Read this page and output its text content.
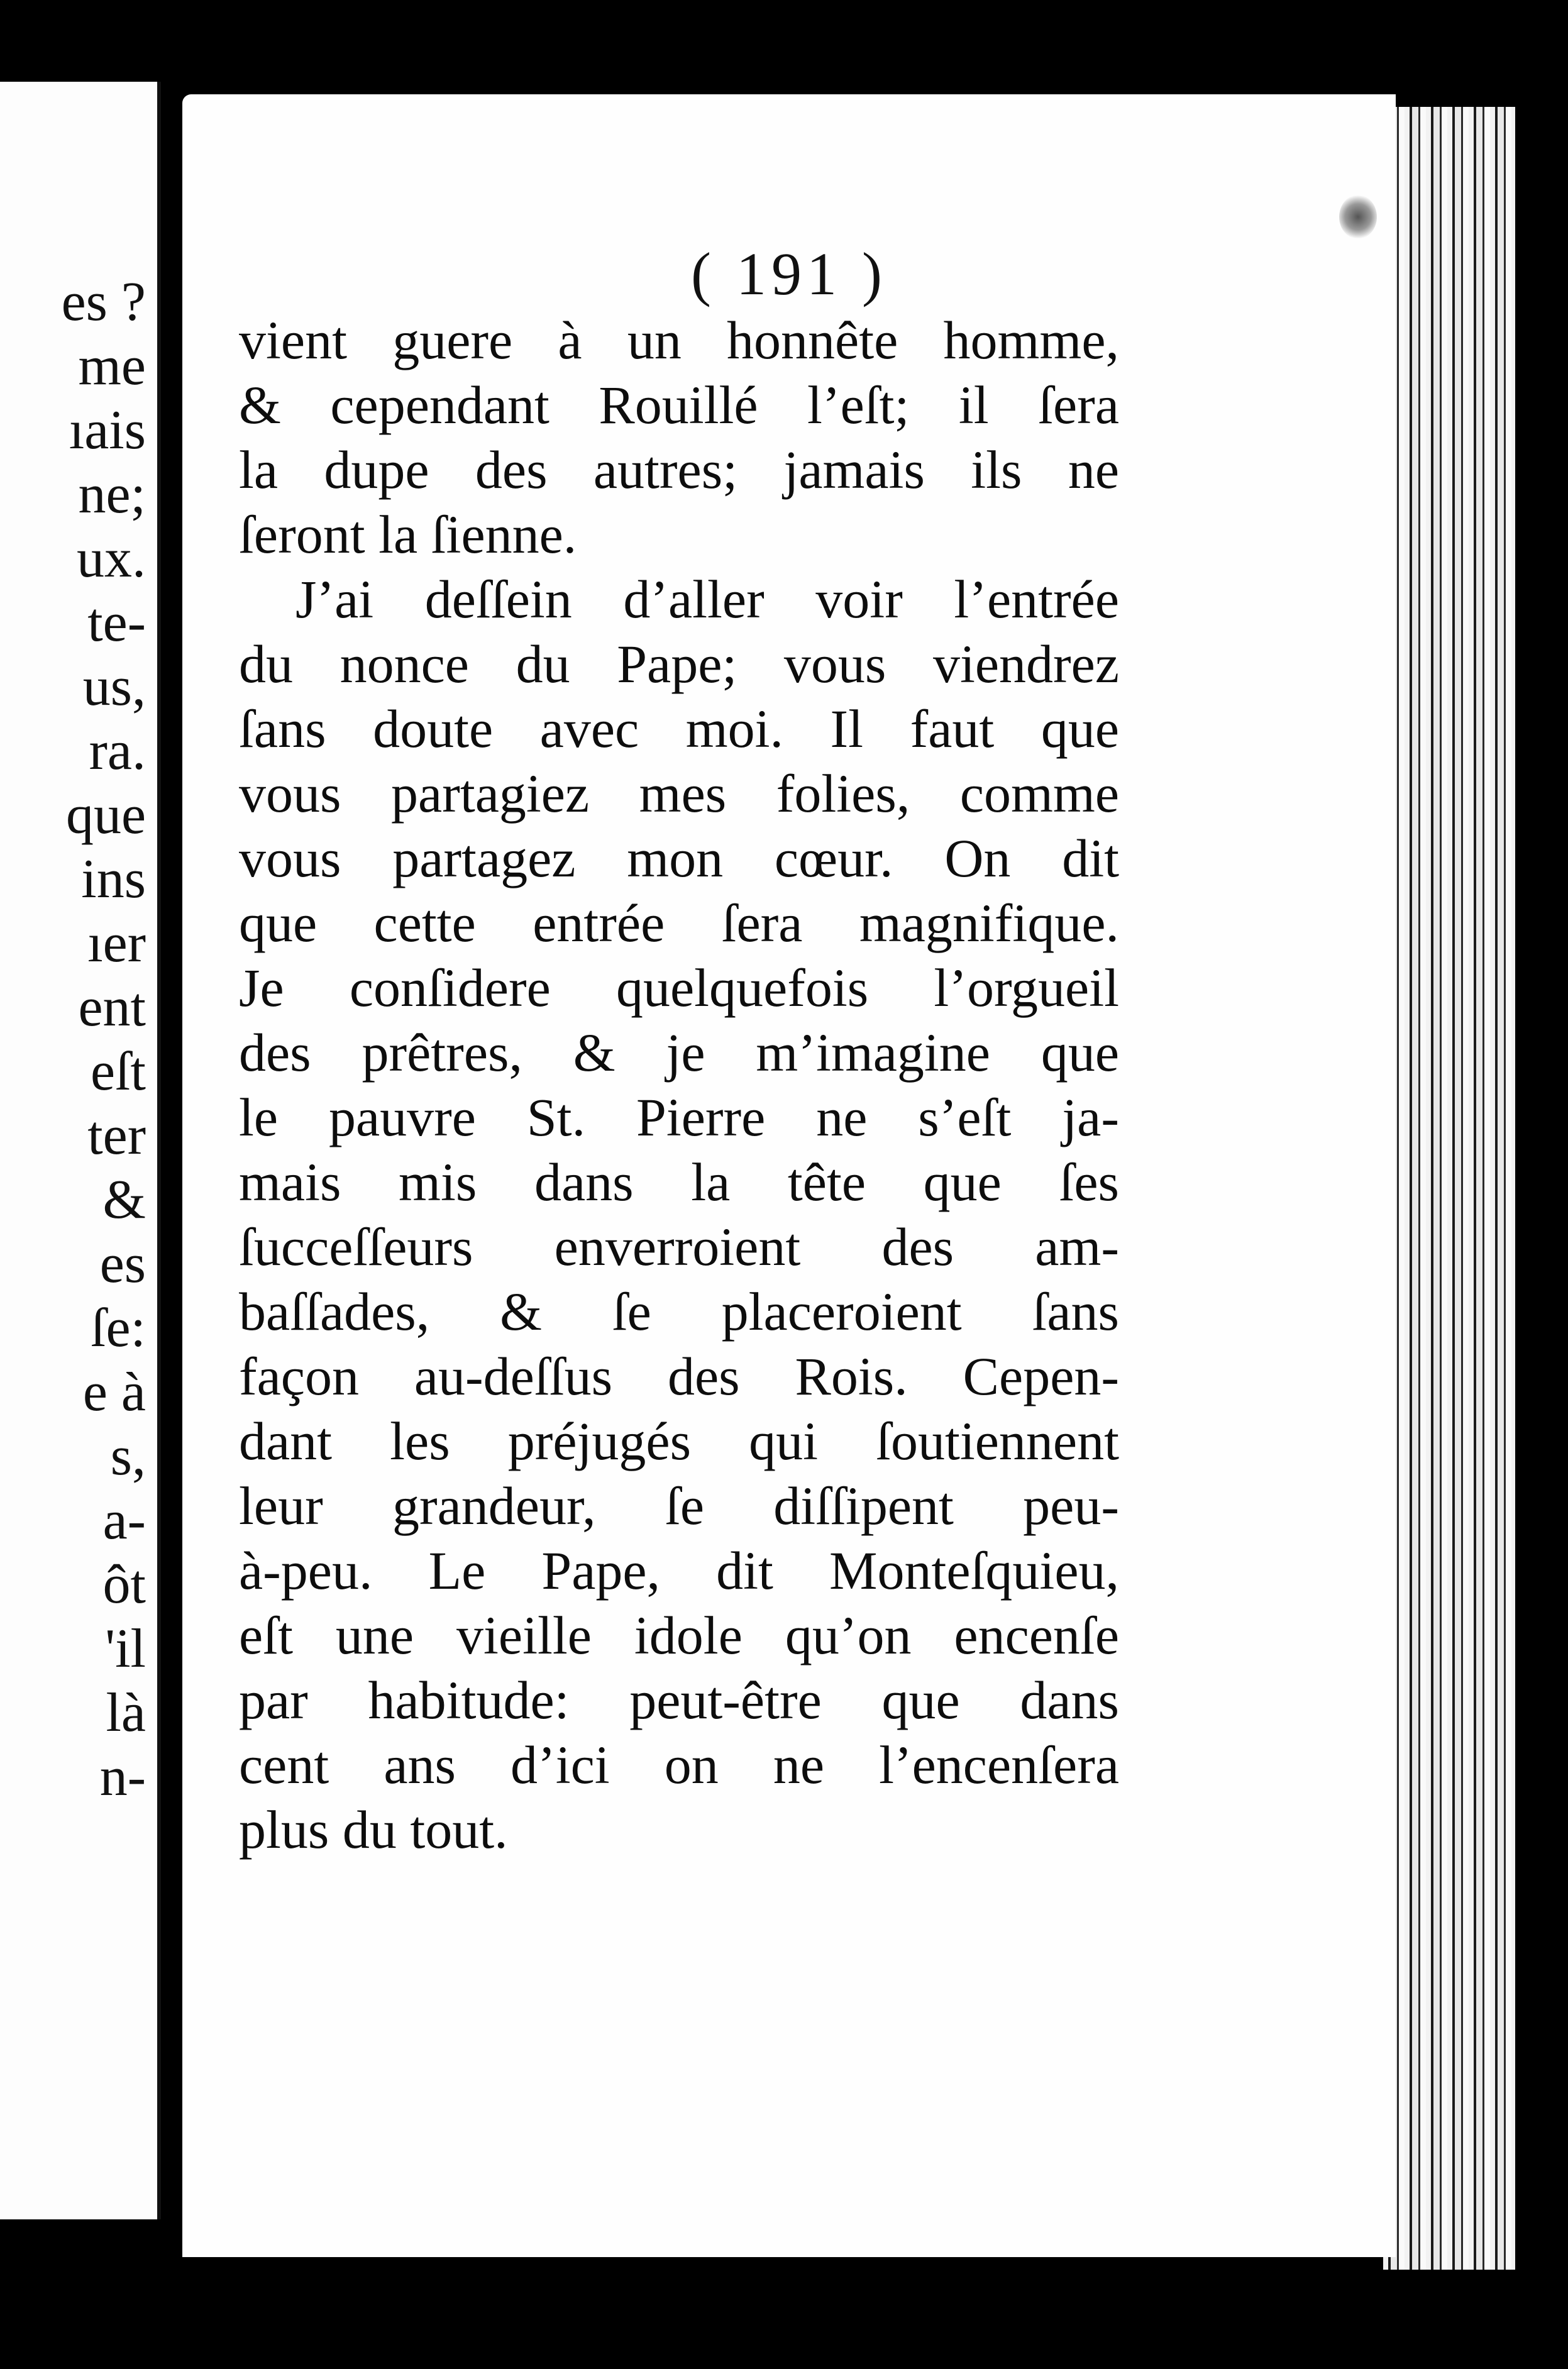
es ?
me
ıais
ne;
ux.
te-
us,
ra.
que
ins
ıer
ent
eſt
ter
&
es
ſe:
e à
s,
a-
ôt
'il
là
n-

( 191 )

vient guere à un honnête homme,
& cependant Rouillé l’eſt; il ſera
la dupe des autres; jamais ils ne
ſeront la ſienne.
J’ai deſſein d’aller voir l’entrée
du nonce du Pape; vous viendrez
ſans doute avec moi. Il faut que
vous partagiez mes folies, comme
vous partagez mon cœur. On dit
que cette entrée ſera magnifique.
Je conſidere quelquefois l’orgueil
des prêtres, & je m’imagine que
le pauvre St. Pierre ne s’eſt ja-
mais mis dans la tête que ſes
ſucceſſeurs enverroient des am-
baſſades, & ſe placeroient ſans
façon au-deſſus des Rois. Cepen-
dant les préjugés qui ſoutiennent
leur grandeur, ſe diſſipent peu-
à-peu. Le Pape, dit Monteſquieu,
eſt une vieille idole qu’on encenſe
par habitude: peut-être que dans
cent ans d’ici on ne l’encenſera
plus du tout.
